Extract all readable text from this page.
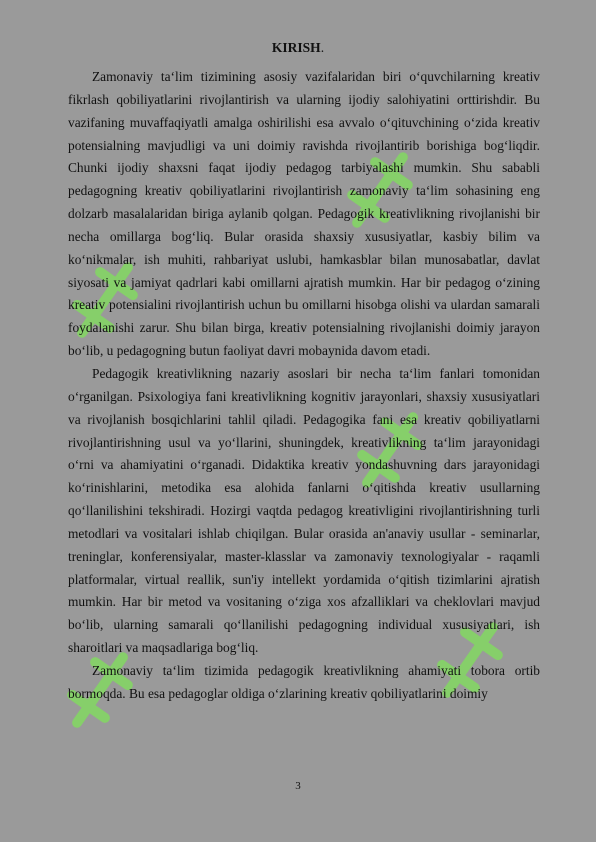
KIRISH.

Zamonaviy ta‘lim tizimining asosiy vazifalaridan biri o‘quvchilarning kreativ fikrlash qobiliyatlarini rivojlantirish va ularning ijodiy salohiyatini orttirishdir. Bu vazifaning muvaffaqiyatli amalga oshirilishi esa avvalo o‘qituvchining o‘zida kreativ potensialning mavjudligi va uni doimiy ravishda rivojlantirib borishiga bog‘liqdir. Chunki ijodiy shaxsni faqat ijodiy pedagog tarbiyalashi mumkin. Shu sababli pedagogning kreativ qobiliyatlarini rivojlantirish zamonaviy ta‘lim sohasining eng dolzarb masalalaridan biriga aylanib qolgan. Pedagogik kreativlikning rivojlanishi bir necha omillarga bog‘liq. Bular orasida shaxsiy xususiyatlar, kasbiy bilim va ko‘nikmalar, ish muhiti, rahbariyat uslubi, hamkasblar bilan munosabatlar, davlat siyosati va jamiyat qadrlari kabi omillarni ajratish mumkin. Har bir pedagog o‘zining kreativ potensialini rivojlantirish uchun bu omillarni hisobga olishi va ulardan samarali foydalanishi zarur. Shu bilan birga, kreativ potensialning rivojlanishi doimiy jarayon bo‘lib, u pedagogning butun faoliyat davri mobaynida davom etadi.

Pedagogik kreativlikning nazariy asoslari bir necha ta‘lim fanlari tomonidan o‘rganilgan. Psixologiya fani kreativlikning kognitiv jarayonlari, shaxsiy xususiyatlari va rivojlanish bosqichlarini tahlil qiladi. Pedagogika fani esa kreativ qobiliyatlarni rivojlantirishning usul va yo‘llarini, shuningdek, kreativlikning ta‘lim jarayonidagi o‘rni va ahamiyatini o‘rganadi. Didaktika kreativ yondashuvning dars jarayonidagi ko‘rinishlarini, metodika esa alohida fanlarni o‘qitishda kreativ usullarning qo‘llanilishini tekshiradi. Hozirgi vaqtda pedagog kreativligini rivojlantirishning turli metodlari va vositalari ishlab chiqilgan. Bular orasida an'anaviy usullar - seminarlar, treninglar, konferensiyalar, master-klasslar va zamonaviy texnologiyalar - raqamli platformalar, virtual reallik, sun'iy intellekt yordamida o‘qitish tizimlarini ajratish mumkin. Har bir metod va vositaning o‘ziga xos afzalliklari va cheklovlari mavjud bo‘lib, ularning samarali qo‘llanilishi pedagogning individual xususiyatlari, ish sharoitlari va maqsadlariga bog‘liq.

Zamonaviy ta‘lim tizimida pedagogik kreativlikning ahamiyati tobora ortib bormoqda. Bu esa pedagoglar oldiga o‘zlarining kreativ qobiliyatlarini doimiy

3
